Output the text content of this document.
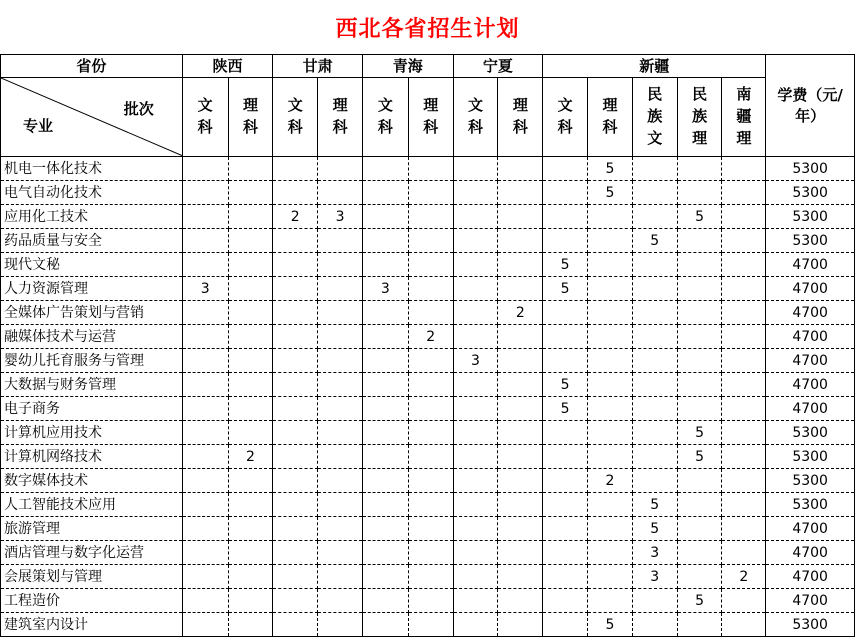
西北各省招生计划
省份	陕西		甘肃		青海		宁夏		新疆					学费（元/年）

批次
专业	文科	理科	文科	理科	文科	理科	文科	理科	文科	理科	民族文	民族理	南疆理	
机电一体化技术										5				5300
电气自动化技术										5				5300
应用化工技术			2	3								5		5300
药品质量与安全											5			5300
现代文秘									5					4700
人力资源管理	3				3				5					4700
全媒体广告策划与营销								2						4700
融媒体技术与运营						2								4700
婴幼儿托育服务与管理							3							4700
大数据与财务管理									5					4700
电子商务									5					4700
计算机应用技术												5		5300
计算机网络技术		2										5		5300
数字媒体技术										2				5300
人工智能技术应用											5			5300
旅游管理											5			4700
酒店管理与数字化运营											3			4700
会展策划与管理											3		2	4700
工程造价												5		4700
建筑室内设计										5				5300
